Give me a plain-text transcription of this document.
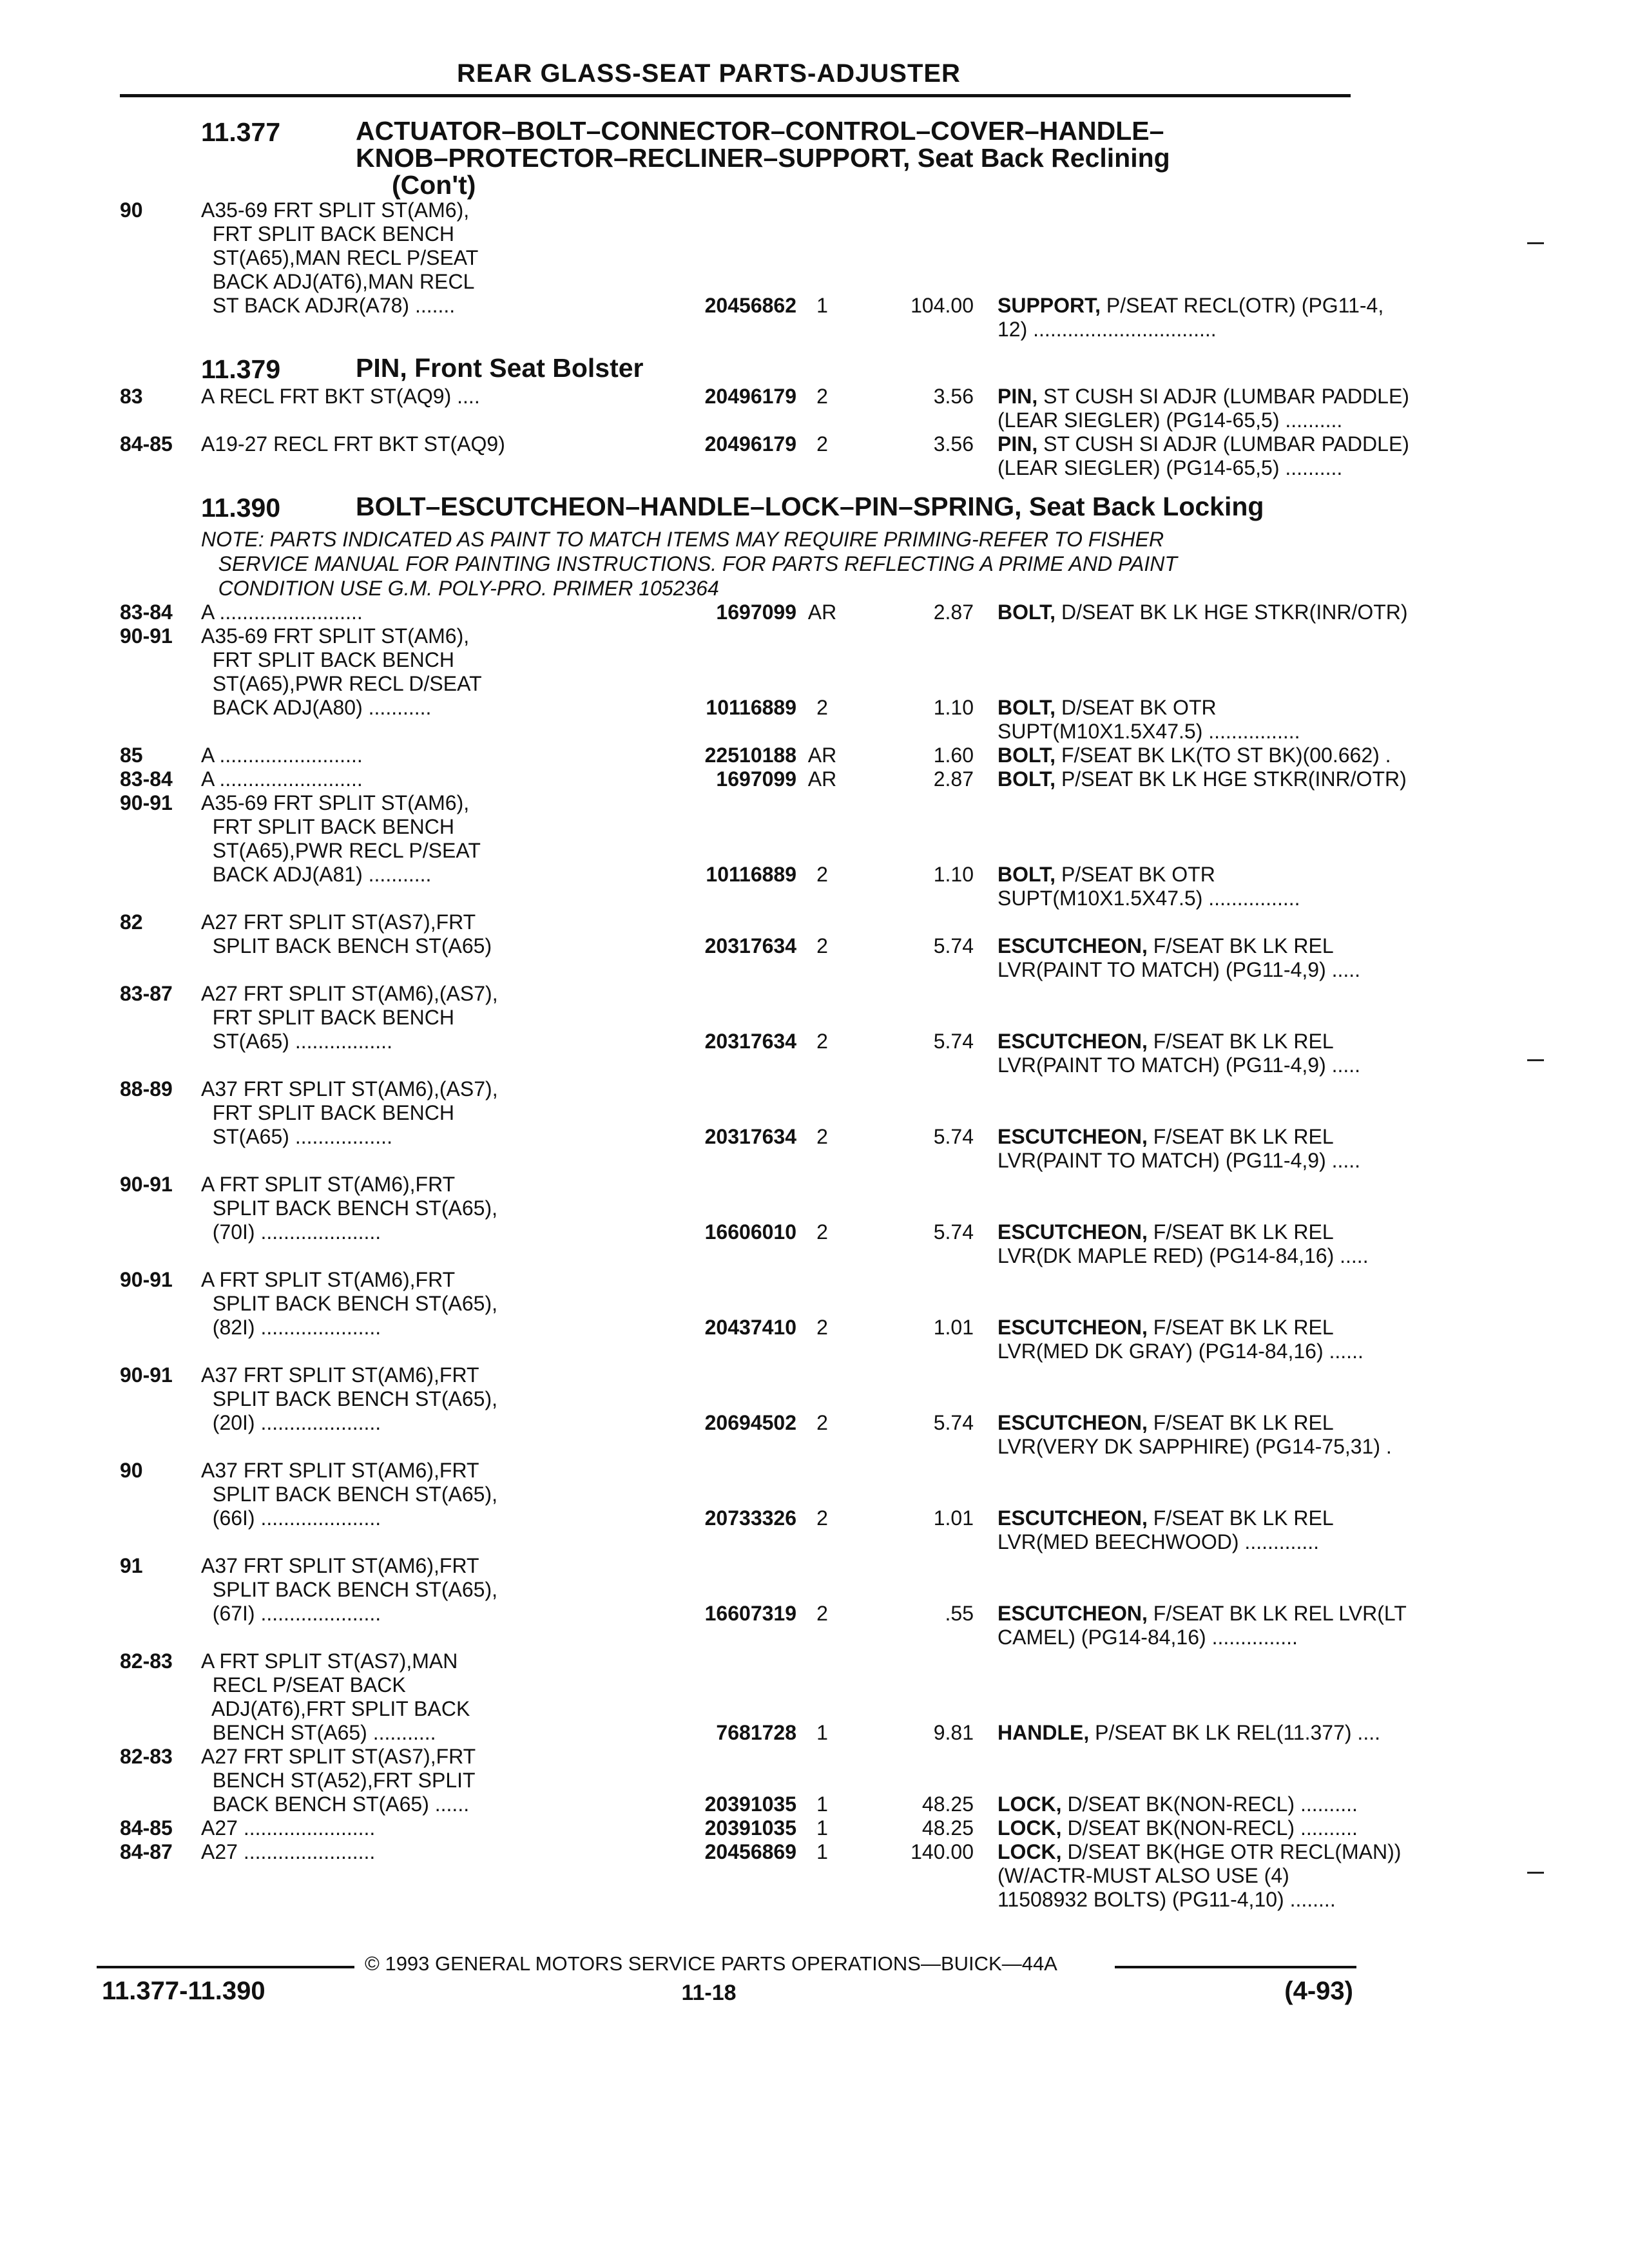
REAR GLASS-SEAT PARTS-ADJUSTER
11.377	ACTUATOR–BOLT–CONNECTOR–CONTROL–COVER–HANDLE–
KNOB–PROTECTOR–RECLINER–SUPPORT, Seat Back Reclining
(Con't)
90	A35-69 FRT SPLIT ST(AM6),
FRT SPLIT BACK BENCH
ST(A65),MAN RECL P/SEAT
BACK ADJ(AT6),MAN RECL
ST BACK ADJR(A78) .......	20456862 1	104.00 SUPPORT, P/SEAT RECL(OTR) (PG11-4,
12) ................................
11.379	PIN, Front Seat Bolster
83	A RECL FRT BKT ST(AQ9) ....	20496179 2	3.56 PIN, ST CUSH SI ADJR (LUMBAR PADDLE)
(LEAR SIEGLER) (PG14-65,5) ..........
84-85	A19-27 RECL FRT BKT ST(AQ9)	20496179 2	3.56 PIN, ST CUSH SI ADJR (LUMBAR PADDLE)
(LEAR SIEGLER) (PG14-65,5) ..........
11.390	BOLT–ESCUTCHEON–HANDLE–LOCK–PIN–SPRING, Seat Back Locking
NOTE: PARTS INDICATED AS PAINT TO MATCH ITEMS MAY REQUIRE PRIMING-REFER TO FISHER
SERVICE MANUAL FOR PAINTING INSTRUCTIONS. FOR PARTS REFLECTING A PRIME AND PAINT
CONDITION USE G.M. POLY-PRO. PRIMER 1052364
83-84	A .........................	1697099 AR	2.87 BOLT, D/SEAT BK LK HGE STKR(INR/OTR)
90-91	A35-69 FRT SPLIT ST(AM6),
FRT SPLIT BACK BENCH
ST(A65),PWR RECL D/SEAT
BACK ADJ(A80) ...........	10116889 2	1.10 BOLT, D/SEAT BK OTR
SUPT(M10X1.5X47.5) ................
85	A .........................	22510188 AR	1.60 BOLT, F/SEAT BK LK(TO ST BK)(00.662) .
83-84	A .........................	1697099 AR	2.87 BOLT, P/SEAT BK LK HGE STKR(INR/OTR)
90-91	A35-69 FRT SPLIT ST(AM6),
FRT SPLIT BACK BENCH
ST(A65),PWR RECL P/SEAT
BACK ADJ(A81) ...........	10116889 2	1.10 BOLT, P/SEAT BK OTR
SUPT(M10X1.5X47.5) ................
82	A27 FRT SPLIT ST(AS7),FRT
SPLIT BACK BENCH ST(A65)	20317634 2	5.74 ESCUTCHEON, F/SEAT BK LK REL
LVR(PAINT TO MATCH) (PG11-4,9) .....
83-87	A27 FRT SPLIT ST(AM6),(AS7),
FRT SPLIT BACK BENCH
ST(A65) .................	20317634 2	5.74 ESCUTCHEON, F/SEAT BK LK REL
LVR(PAINT TO MATCH) (PG11-4,9) .....
88-89	A37 FRT SPLIT ST(AM6),(AS7),
FRT SPLIT BACK BENCH
ST(A65) .................	20317634 2	5.74 ESCUTCHEON, F/SEAT BK LK REL
LVR(PAINT TO MATCH) (PG11-4,9) .....
90-91	A FRT SPLIT ST(AM6),FRT
SPLIT BACK BENCH ST(A65),
(70I) .....................	16606010 2	5.74 ESCUTCHEON, F/SEAT BK LK REL
LVR(DK MAPLE RED) (PG14-84,16) .....
90-91	A FRT SPLIT ST(AM6),FRT
SPLIT BACK BENCH ST(A65),
(82I) .....................	20437410 2	1.01 ESCUTCHEON, F/SEAT BK LK REL
LVR(MED DK GRAY) (PG14-84,16) ......
90-91	A37 FRT SPLIT ST(AM6),FRT
SPLIT BACK BENCH ST(A65),
(20I) .....................	20694502 2	5.74 ESCUTCHEON, F/SEAT BK LK REL
LVR(VERY DK SAPPHIRE) (PG14-75,31) .
90	A37 FRT SPLIT ST(AM6),FRT
SPLIT BACK BENCH ST(A65),
(66I) .....................	20733326 2	1.01 ESCUTCHEON, F/SEAT BK LK REL
LVR(MED BEECHWOOD) .............
91	A37 FRT SPLIT ST(AM6),FRT
SPLIT BACK BENCH ST(A65),
(67I) .....................	16607319 2	.55 ESCUTCHEON, F/SEAT BK LK REL LVR(LT
CAMEL) (PG14-84,16) ...............
82-83	A FRT SPLIT ST(AS7),MAN
RECL P/SEAT BACK
ADJ(AT6),FRT SPLIT BACK
BENCH ST(A65) ...........	7681728 1	9.81 HANDLE, P/SEAT BK LK REL(11.377) ....
82-83	A27 FRT SPLIT ST(AS7),FRT
BENCH ST(A52),FRT SPLIT
BACK BENCH ST(A65) ......	20391035 1	48.25 LOCK, D/SEAT BK(NON-RECL) ..........
84-85	A27 .......................	20391035 1	48.25 LOCK, D/SEAT BK(NON-RECL) ..........
84-87	A27 .......................	20456869 1	140.00 LOCK, D/SEAT BK(HGE OTR RECL(MAN))
(W/ACTR-MUST ALSO USE (4)
11508932 BOLTS) (PG11-4,10) ........
© 1993 GENERAL MOTORS SERVICE PARTS OPERATIONS—BUICK—44A
11.377-11.390	11-18	(4-93)
